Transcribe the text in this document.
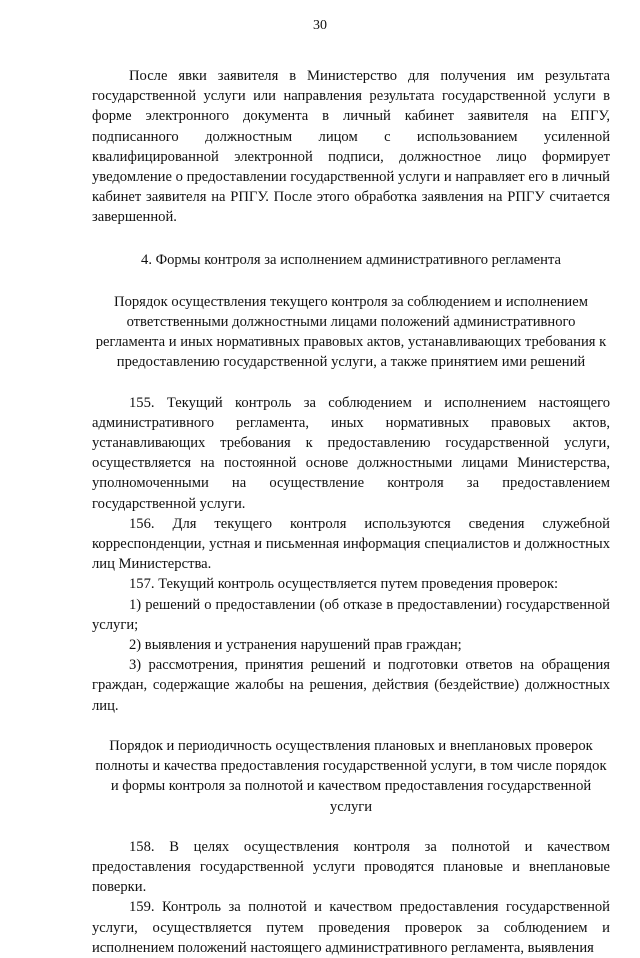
30

После явки заявителя в Министерство для получения им результата государственной услуги или направления результата государственной услуги в форме электронного документа в личный кабинет заявителя на ЕПГУ, подписанного должностным лицом с использованием усиленной квалифицированной электронной подписи, должностное лицо формирует уведомление о предоставлении государственной услуги и направляет его в личный кабинет заявителя на РПГУ. После этого обработка заявления на РПГУ считается завершенной.

4. Формы контроля за исполнением административного регламента

Порядок осуществления текущего контроля за соблюдением и исполнением ответственными должностными лицами положений административного регламента и иных нормативных правовых актов, устанавливающих требования к предоставлению государственной услуги, а также принятием ими решений

155. Текущий контроль за соблюдением и исполнением настоящего административного регламента, иных нормативных правовых актов, устанавливающих требования к предоставлению государственной услуги, осуществляется на постоянной основе должностными лицами Министерства, уполномоченными на осуществление контроля за предоставлением государственной услуги.

156. Для текущего контроля используются сведения служебной корреспонденции, устная и письменная информация специалистов и должностных лиц Министерства.

157. Текущий контроль осуществляется путем проведения проверок:

1) решений о предоставлении (об отказе в предоставлении) государственной услуги;

2) выявления и устранения нарушений прав граждан;

3) рассмотрения, принятия решений и подготовки ответов на обращения граждан, содержащие жалобы на решения, действия (бездействие) должностных лиц.

Порядок и периодичность осуществления плановых и внеплановых проверок полноты и качества предоставления государственной услуги, в том числе порядок и формы контроля за полнотой и качеством предоставления государственной услуги

158. В целях осуществления контроля за полнотой и качеством предоставления государственной услуги проводятся плановые и внеплановые поверки.

159. Контроль за полнотой и качеством предоставления государственной услуги, осуществляется путем проведения проверок за соблюдением и исполнением положений настоящего административного регламента, выявления
